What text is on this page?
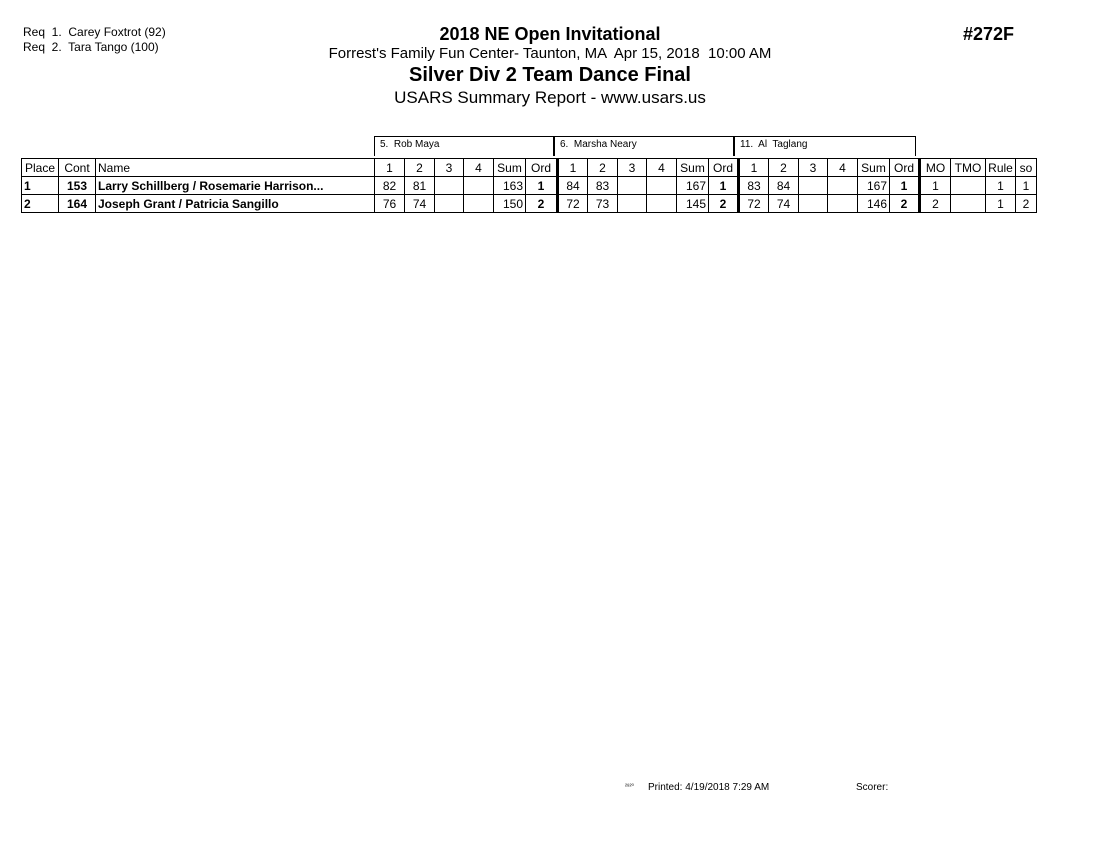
Req  1.  Carey Foxtrot (92)
Req  2.  Tara Tango (100)
2018 NE Open Invitational
Forrest's Family Fun Center- Taunton, MA  Apr 15, 2018  10:00 AM
Silver Div 2 Team Dance Final
USARS Summary Report - www.usars.us
#272F
5.  Rob Maya	6.  Marsha Neary	11.  Al  Taglang
Place	Cont	Name	1	2	3	4	Sum	Ord	1	2	3	4	Sum	Ord	1	2	3	4	Sum	Ord	MO	TMO	Rule	so
1	153	Larry Schillberg / Rosemarie Harrison...	82	81			163	1	84	83			167	1	83	84			167	1	1		1	1
2	164	Joseph Grant / Patricia Sangillo	76	74			150	2	72	73			145	2	72	74			146	2	2		1	2
²⁸²⁰ Printed: 4/19/2018 7:29 AM	Scorer:
